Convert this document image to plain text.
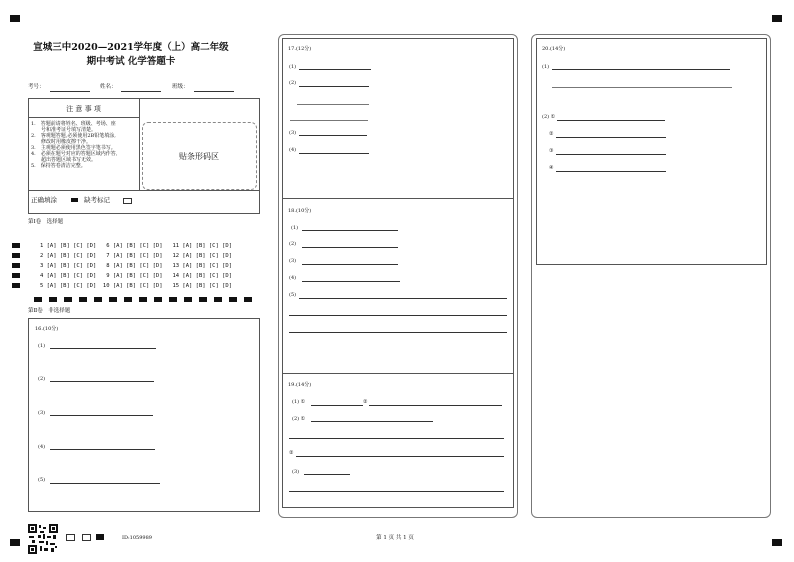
宣城三中2020—2021学年度（上）高二年级
期中考试 化学答题卡
考号：	姓名：	班级：
注 意 事 项
1.　答题前请将姓名、班级、考场、座
　　号和准考证号填写清楚。
2.　客观题答题,必须使用2B铅笔填涂,
　　修改时用橡皮擦干净。
3.　主观题必须使用黑色签字笔书写。
4.　必须在题号对应的答题区域内作答,
　　超出答题区域书写无效。
5.　保持答卷清洁完整。
贴条形码区
正确填涂	缺考标记
第Ⅰ卷　选择题
1 [A] [B] [C] [D]   6 [A] [B] [C] [D]   11 [A] [B] [C] [D]
2 [A] [B] [C] [D]   7 [A] [B] [C] [D]   12 [A] [B] [C] [D]
3 [A] [B] [C] [D]   8 [A] [B] [C] [D]   13 [A] [B] [C] [D]
4 [A] [B] [C] [D]   9 [A] [B] [C] [D]   14 [A] [B] [C] [D]
5 [A] [B] [C] [D]  10 [A] [B] [C] [D]   15 [A] [B] [C] [D]
第Ⅱ卷　非选择题
16.(10分)
(1)
(2)
(3)
(4)
(5)
ID:1059989
17.(12分)
(1)
(2)
(3)
(4)
18.(10分)
(1)
(2)
(3)
(4)
(5)
19.(14分)
(1) ①	②
(2) ①
②
(3)
20.(14分)
(1)
(2) ①
②
③
④
第 1 页 共 1 页
